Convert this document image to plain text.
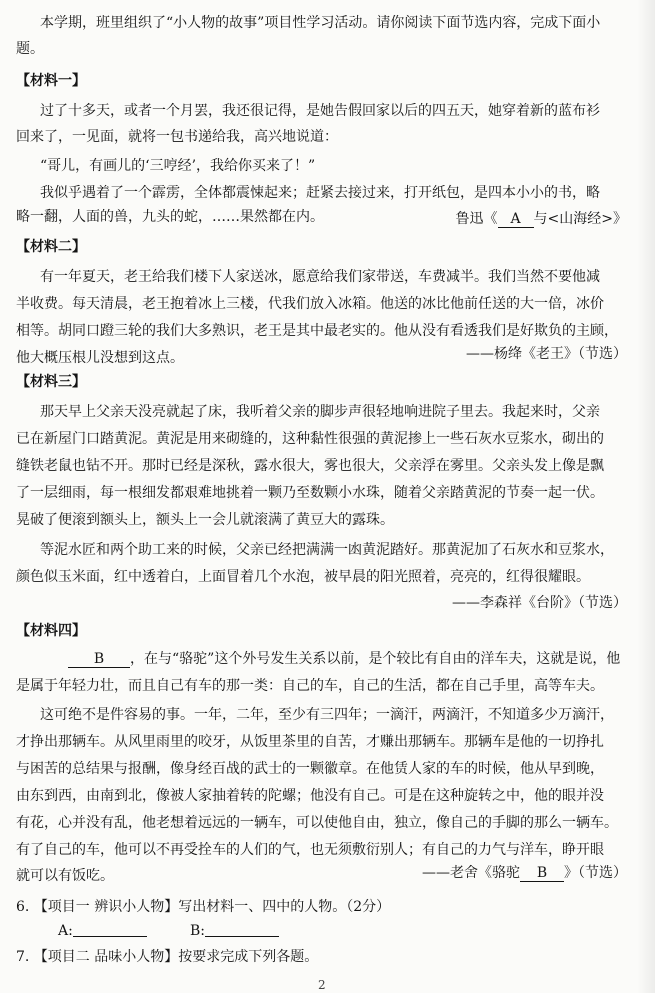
本学期，班里组织了“小人物的故事”项目性学习活动。请你阅读下面节选内容，完成下面小
题。
【材料一】
过了十多天，或者一个月罢，我还很记得，是她告假回家以后的四五天，她穿着新的蓝布衫
回来了，一见面，就将一包书递给我，高兴地说道：
“哥儿，有画儿的‘三哼经’，我给你买来了！”
我似乎遇着了一个霹雳，全体都震悚起来；赶紧去接过来，打开纸包，是四本小小的书，略
略一翻，人面的兽，九头的蛇，……果然都在内。	鲁迅《 A 与<山海经>》
【材料二】
有一年夏天，老王给我们楼下人家送冰，愿意给我们家带送，车费减半。我们当然不要他减
半收费。每天清晨，老王抱着冰上三楼，代我们放入冰箱。他送的冰比他前任送的大一倍，冰价
相等。胡同口蹬三轮的我们大多熟识，老王是其中最老实的。他从没有看透我们是好欺负的主顾，
他大概压根儿没想到这点。	——杨绛《老王》（节选）
【材料三】
那天早上父亲天没亮就起了床，我听着父亲的脚步声很轻地响进院子里去。我起来时，父亲
已在新屋门口踏黄泥。黄泥是用来砌缝的，这种黏性很强的黄泥掺上一些石灰水豆浆水，砌出的
缝铁老鼠也钻不开。那时已经是深秋，露水很大，雾也很大，父亲浮在雾里。父亲头发上像是飘
了一层细雨，每一根细发都艰难地挑着一颗乃至数颗小水珠，随着父亲踏黄泥的节奏一起一伏。
晃破了便滚到额头上，额头上一会儿就滚满了黄豆大的露珠。
等泥水匠和两个助工来的时候，父亲已经把满满一凼黄泥踏好。那黄泥加了石灰水和豆浆水，
颜色似玉米面，红中透着白，上面冒着几个水泡，被早晨的阳光照着，亮亮的，红得很耀眼。
——李森祥《台阶》（节选）
【材料四】
B ，在与“骆驼”这个外号发生关系以前，是个较比有自由的洋车夫，这就是说，他
是属于年轻力壮，而且自己有车的那一类：自己的车，自己的生活，都在自己手里，高等车夫。
这可绝不是件容易的事。一年，二年，至少有三四年；一滴汗，两滴汗，不知道多少万滴汗，
才挣出那辆车。从风里雨里的咬牙，从饭里茶里的自苦，才赚出那辆车。那辆车是他的一切挣扎
与困苦的总结果与报酬，像身经百战的武士的一颗徽章。在他赁人家的车的时候，他从早到晚，
由东到西，由南到北，像被人家抽着转的陀螺；他没有自己。可是在这种旋转之中，他的眼并没
有花，心并没有乱，他老想着远远的一辆车，可以使他自由，独立，像自己的手脚的那么一辆车。
有了自己的车，他可以不再受拴车的人们的气，也无须敷衍别人；有自己的力气与洋车，睁开眼
就可以有饭吃。	——老舍《骆驼 B 》（节选）
6. 【项目一 辨识小人物】写出材料一、四中的人物。（2分）
A:	B:
7. 【项目二 品味小人物】按要求完成下列各题。
2
